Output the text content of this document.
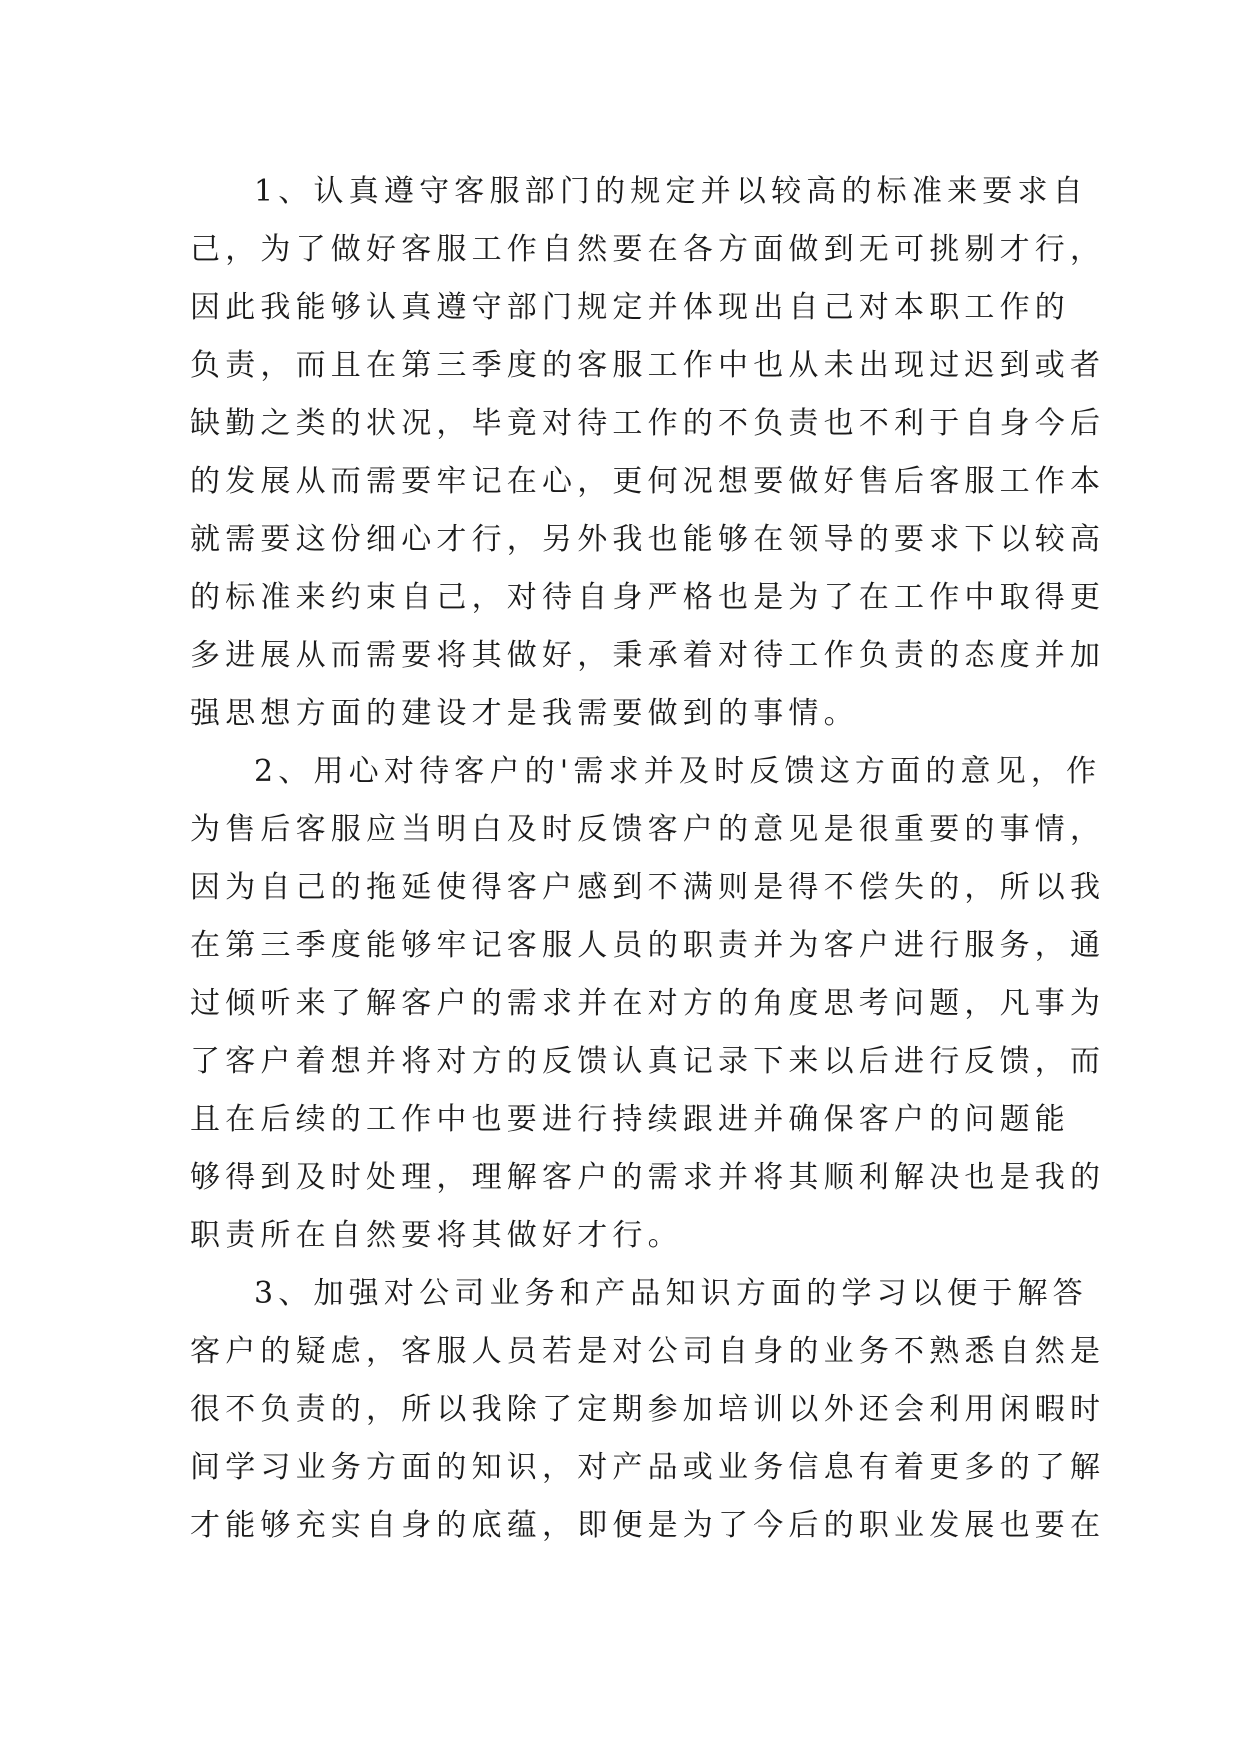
1、认真遵守客服部门的规定并以较高的标准来要求自
己，为了做好客服工作自然要在各方面做到无可挑剔才行，
因此我能够认真遵守部门规定并体现出自己对本职工作的
负责，而且在第三季度的客服工作中也从未出现过迟到或者
缺勤之类的状况，毕竟对待工作的不负责也不利于自身今后
的发展从而需要牢记在心，更何况想要做好售后客服工作本
就需要这份细心才行，另外我也能够在领导的要求下以较高
的标准来约束自己，对待自身严格也是为了在工作中取得更
多进展从而需要将其做好，秉承着对待工作负责的态度并加
强思想方面的建设才是我需要做到的事情。
2、用心对待客户的'需求并及时反馈这方面的意见，作
为售后客服应当明白及时反馈客户的意见是很重要的事情，
因为自己的拖延使得客户感到不满则是得不偿失的，所以我
在第三季度能够牢记客服人员的职责并为客户进行服务，通
过倾听来了解客户的需求并在对方的角度思考问题，凡事为
了客户着想并将对方的反馈认真记录下来以后进行反馈，而
且在后续的工作中也要进行持续跟进并确保客户的问题能
够得到及时处理，理解客户的需求并将其顺利解决也是我的
职责所在自然要将其做好才行。
3、加强对公司业务和产品知识方面的学习以便于解答
客户的疑虑，客服人员若是对公司自身的业务不熟悉自然是
很不负责的，所以我除了定期参加培训以外还会利用闲暇时
间学习业务方面的知识，对产品或业务信息有着更多的了解
才能够充实自身的底蕴，即便是为了今后的职业发展也要在
